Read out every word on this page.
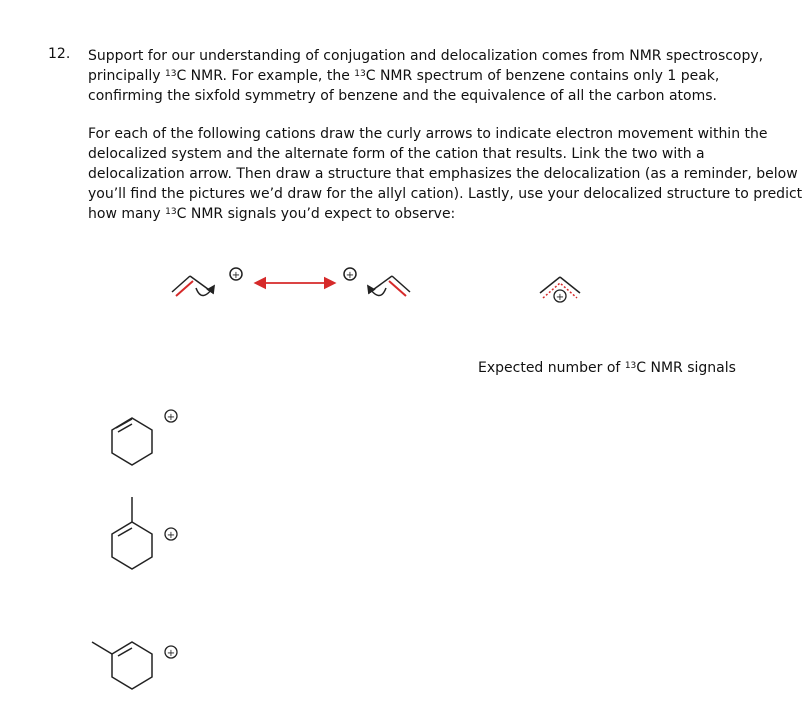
12. Support for our understanding of conjugation and delocalization comes from NMR spectroscopy,
principally $^{13}$C NMR. For example, the $^{13}$C NMR spectrum of benzene contains only 1 peak,
confirming the sixfold symmetry of benzene and the equivalence of all the carbon atoms.

For each of the following cations draw the curly arrows to indicate electron movement within the
delocalized system and the alternate form of the cation that results. Link the two with a
delocalization arrow. Then draw a structure that emphasizes the delocalization (as a reminder, below
you’ll find the pictures we’d draw for the allyl cation). Lastly, use your delocalized structure to predict
how many $^{13}$C NMR signals you’d expect to observe:

Expected number of $^{13}$C NMR signals
+	+
+
+
+
+
